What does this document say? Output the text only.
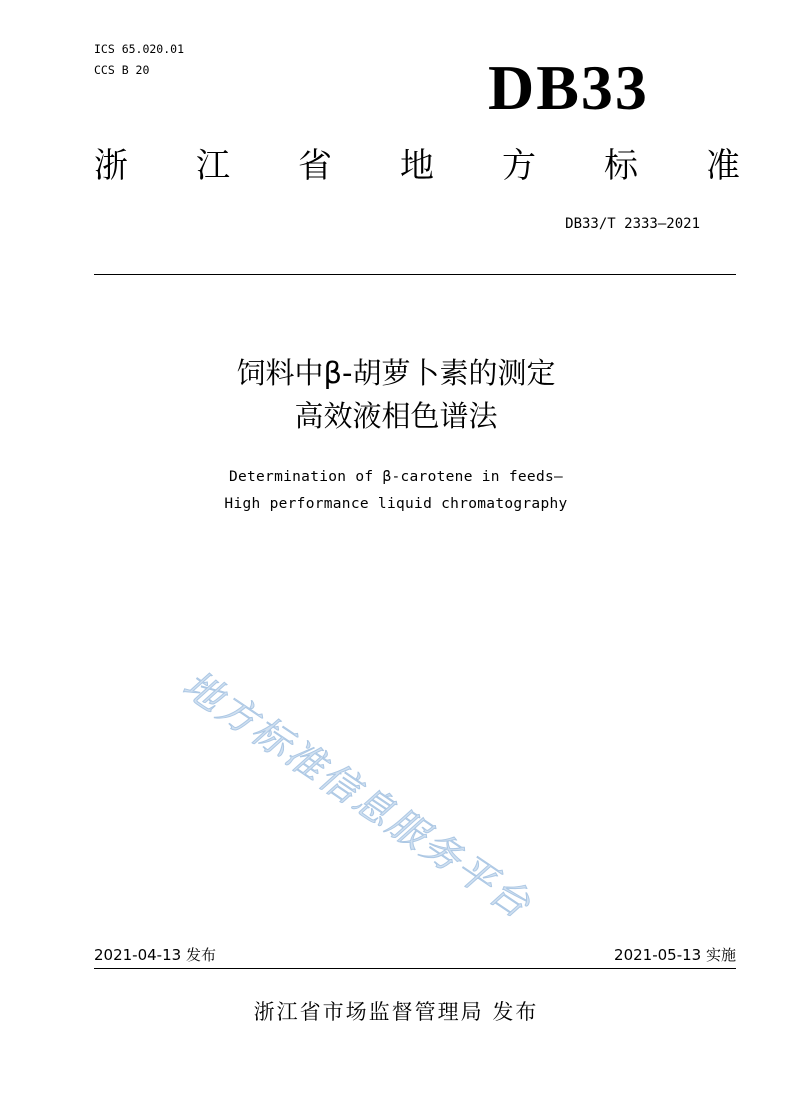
ICS 65.020.01
CCS B 20	DB33
浙 江 省 地 方 标 准
DB33/T 2333—2021
饲料中β-胡萝卜素的测定
高效液相色谱法
Determination of β-carotene in feeds—
High performance liquid chromatography
地方标准信息服务平台
2021-04-13 发布	2021-05-13 实施
浙江省市场监督管理局 发布
